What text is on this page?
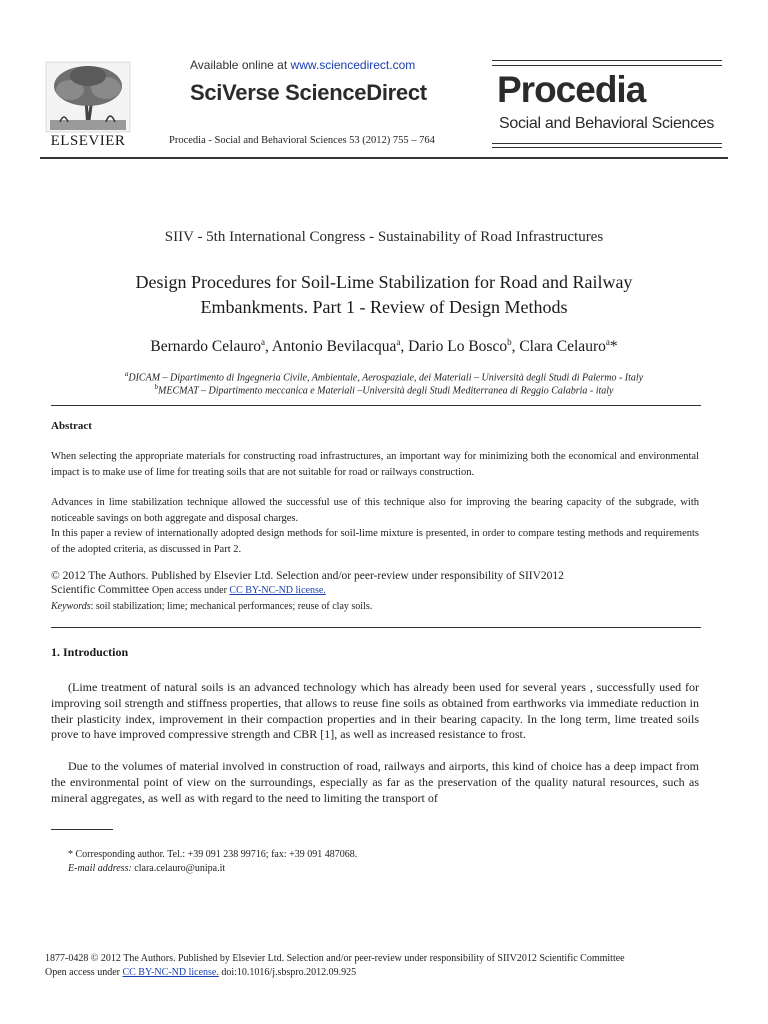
ELSEVIER
Available online at www.sciencedirect.com
SciVerse ScienceDirect
Procedia - Social and Behavioral Sciences 53 (2012) 755 – 764
Procedia
Social and Behavioral Sciences
SIIV - 5th International Congress - Sustainability of Road Infrastructures
Design Procedures for Soil-Lime Stabilization for Road and Railway
Embankments. Part 1 - Review of Design Methods
Bernardo Celauro$^a$, Antonio Bevilacqua$^a$, Dario Lo Bosco$^b$, Clara Celauro$^a$*
$^a$DICAM – Dipartimento di Ingegneria Civile, Ambientale, Aerospaziale, dei Materiali – Università degli Studi di Palermo - Italy
$^b$MECMAT – Dipartimento meccanica e Materiali –Università degli Studi Mediterranea di Reggio Calabria - italy
Abstract
When selecting the appropriate materials for constructing road infrastructures, an important way for minimizing both the economical and environmental impact is to make use of lime for treating soils that are not suitable for road or railways construction.
Advances in lime stabilization technique allowed the successful use of this technique also for improving the bearing capacity of the subgrade, with noticeable savings on both aggregate and disposal charges.
In this paper a review of internationally adopted design methods for soil-lime mixture is presented, in order to compare testing methods and requirements of the adopted criteria, as discussed in Part 2.
© 2012 The Authors. Published by Elsevier Ltd. Selection and/or peer-review under responsibility of SIIV2012
Scientific Committee Open access under CC BY-NC-ND license.
Keywords: soil stabilization; lime; mechanical performances; reuse of clay soils.
1. Introduction
(Lime treatment of natural soils is an advanced technology which has already been used for several years , successfully used for improving soil strength and stiffness properties, that allows to reuse fine soils as obtained from earthworks via immediate reduction in their plasticity index, improvement in their compaction properties and in their bearing capacity. In the long term, lime treated soils prove to have improved compressive strength and CBR [1], as well as increased resistance to frost.
Due to the volumes of material involved in construction of road, railways and airports, this kind of choice has a deep impact from the environmental point of view on the surroundings, especially as far as the preservation of the quality natural resources, such as mineral aggregates, as well as with regard to the need to limiting the transport of
* Corresponding author. Tel.: +39 091 238 99716; fax: +39 091 487068.
E-mail address: clara.celauro@unipa.it
1877-0428 © 2012 The Authors. Published by Elsevier Ltd. Selection and/or peer-review under responsibility of SIIV2012 Scientific Committee
Open access under CC BY-NC-ND license. doi:10.1016/j.sbspro.2012.09.925
